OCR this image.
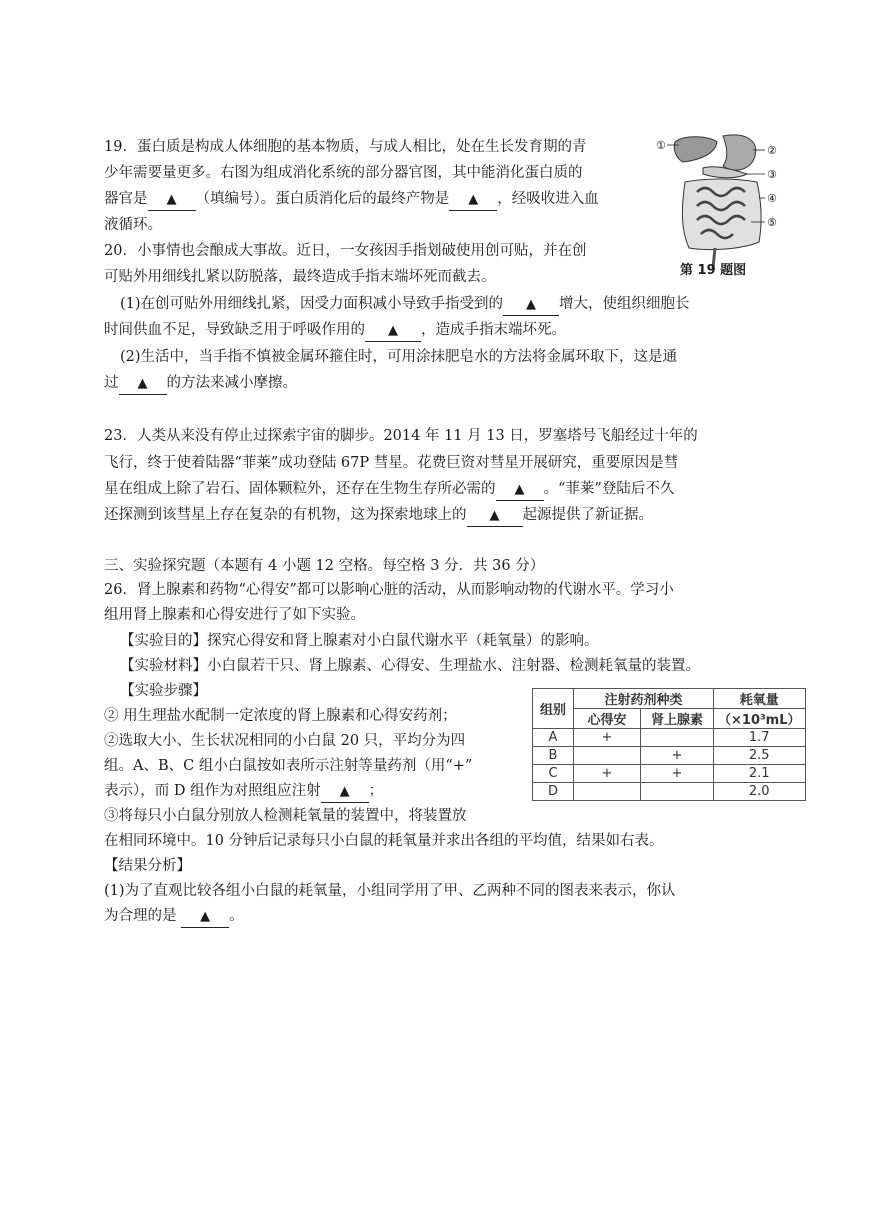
19．蛋白质是构成人体细胞的基本物质，与成人相比，处在生长发育期的青
少年需要量更多。右图为组成消化系统的部分器官图，其中能消化蛋白质的
器官是 ▲ （填编号）。蛋白质消化后的最终产物是 ▲ ，经吸收进入血
液循环。
①	②
③
④
⑤
第 19 题图
20．小事情也会酿成大事故。近日，一女孩因手指划破使用创可贴，并在创
可贴外用细线扎紧以防脱落，最终造成手指末端坏死而截去。
(1)在创可贴外用细线扎紧，因受力面积减小导致手指受到的 ▲ 增大，使组织细胞长
时间供血不足，导致缺乏用于呼吸作用的 ▲ ，造成手指末端坏死。
(2)生活中，当手指不慎被金属环箍住时，可用涂抹肥皂水的方法将金属环取下，这是通
过 ▲ 的方法来减小摩擦。
23．人类从来没有停止过探索宇宙的脚步。2014 年 11 月 13 日，罗塞塔号飞船经过十年的
飞行，终于使着陆器“菲莱”成功登陆 67P 彗星。花费巨资对彗星开展研究，重要原因是彗
星在组成上除了岩石、固体颗粒外，还存在生物生存所必需的 ▲ 。“菲莱”登陆后不久
还探测到该彗星上存在复杂的有机物，这为探索地球上的 ▲ 起源提供了新证据。
三、实验探究题（本题有 4 小题 12 空格。每空格 3 分．共 36 分）
26．肾上腺素和药物“心得安”都可以影响心脏的活动，从而影响动物的代谢水平。学习小
组用肾上腺素和心得安进行了如下实验。
【实验目的】探究心得安和肾上腺素对小白鼠代谢水平（耗氧量）的影响。
【实验材料】小白鼠若干只、肾上腺素、心得安、生理盐水、注射器、检测耗氧量的装置。
【实验步骤】
② 用生理盐水配制一定浓度的肾上腺素和心得安药剂；
②选取大小、生长状况相同的小白鼠 20 只，平均分为四
组。A、B、C 组小白鼠按如表所示注射等量药剂（用“+”
表示），而 D 组作为对照组应注射 ▲ ；
③将每只小白鼠分别放人检测耗氧量的装置中，将装置放
在相同环境中。10 分钟后记录每只小白鼠的耗氧量并求出各组的平均值，结果如右表。
【结果分析】
(1)为了直观比较各组小白鼠的耗氧量，小组同学用了甲、乙两种不同的图表来表示，你认
为合理的是 ▲ 。
组别	注射药剂种类		耗氧量
	心得安	肾上腺素	（×10³mL）
A	+		1.7
B		+	2.5
C	+	+	2.1
D			2.0
